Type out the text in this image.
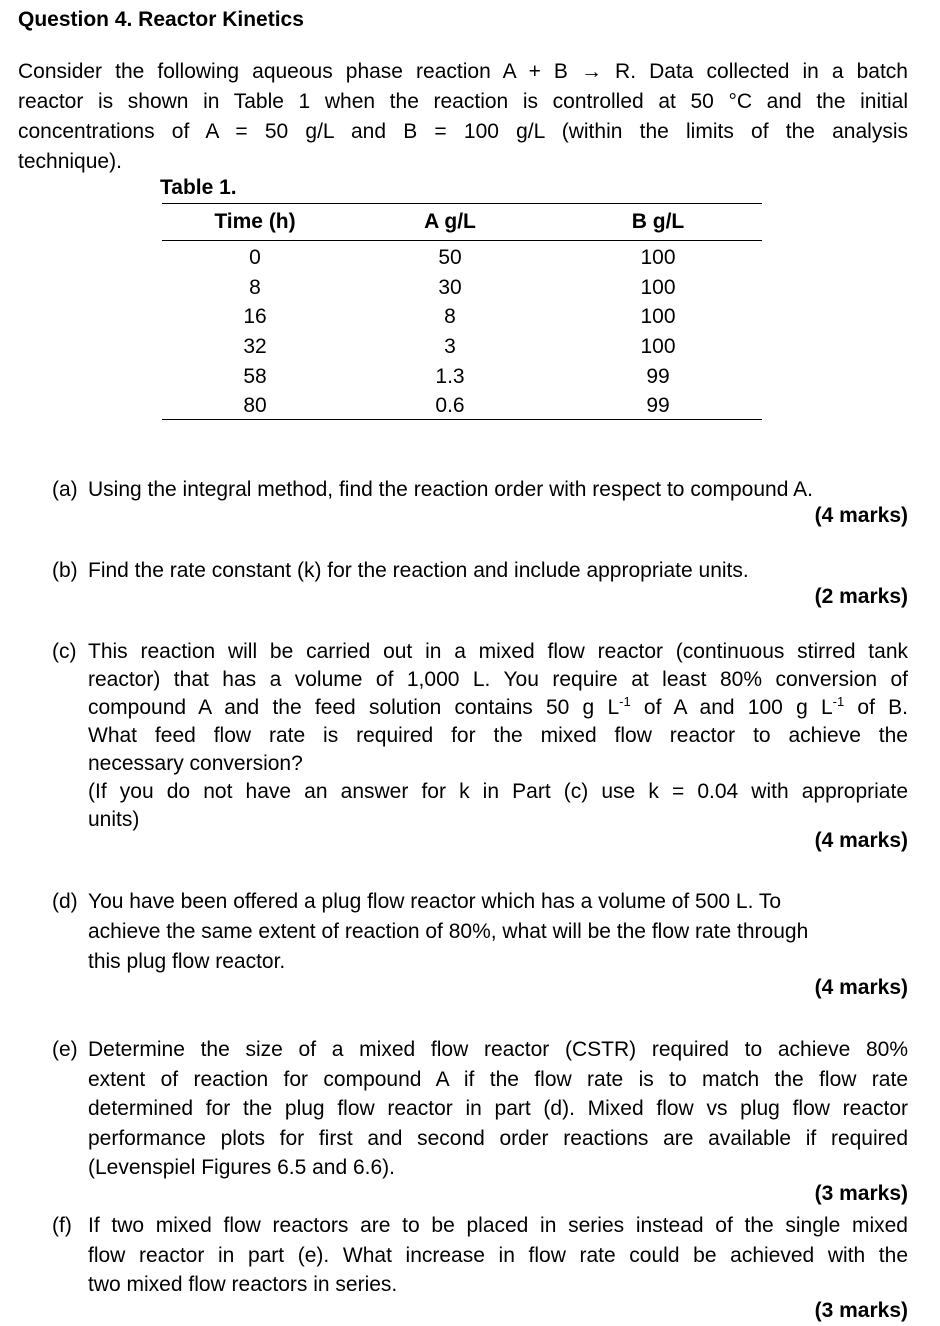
Question 4. Reactor Kinetics

Consider the following aqueous phase reaction A + B → R. Data collected in a batch

reactor is shown in Table 1 when the reaction is controlled at 50 °C and the initial

concentrations of A = 50 g/L and B = 100 g/L (within the limits of the analysis

technique).

Table 1.
Time (h)	A g/L	B g/L
0	50	100
8	30	100
16	8	100
32	3	100
58	1.3	99
80	0.6	99
(a) Using the integral method, find the reaction order with respect to compound A.
(4 marks)
(b) Find the rate constant (k) for the reaction and include appropriate units.
(2 marks)
(c) This reaction will be carried out in a mixed flow reactor (continuous stirred tank
reactor) that has a volume of 1,000 L. You require at least 80% conversion of
compound A and the feed solution contains 50 g $L^{-1}$ of A and 100 g $L^{-1}$ of B.
What feed flow rate is required for the mixed flow reactor to achieve the
necessary conversion?
(If you do not have an answer for k in Part (c) use k = 0.04 with appropriate
units)
(4 marks)
(d) You have been offered a plug flow reactor which has a volume of 500 L. To
achieve the same extent of reaction of 80%, what will be the flow rate through
this plug flow reactor.
(4 marks)
(e) Determine the size of a mixed flow reactor (CSTR) required to achieve 80%
extent of reaction for compound A if the flow rate is to match the flow rate
determined for the plug flow reactor in part (d). Mixed flow vs plug flow reactor
performance plots for first and second order reactions are available if required
(Levenspiel Figures 6.5 and 6.6).
(3 marks)
(f) If two mixed flow reactors are to be placed in series instead of the single mixed
flow reactor in part (e). What increase in flow rate could be achieved with the
two mixed flow reactors in series.
(3 marks)
